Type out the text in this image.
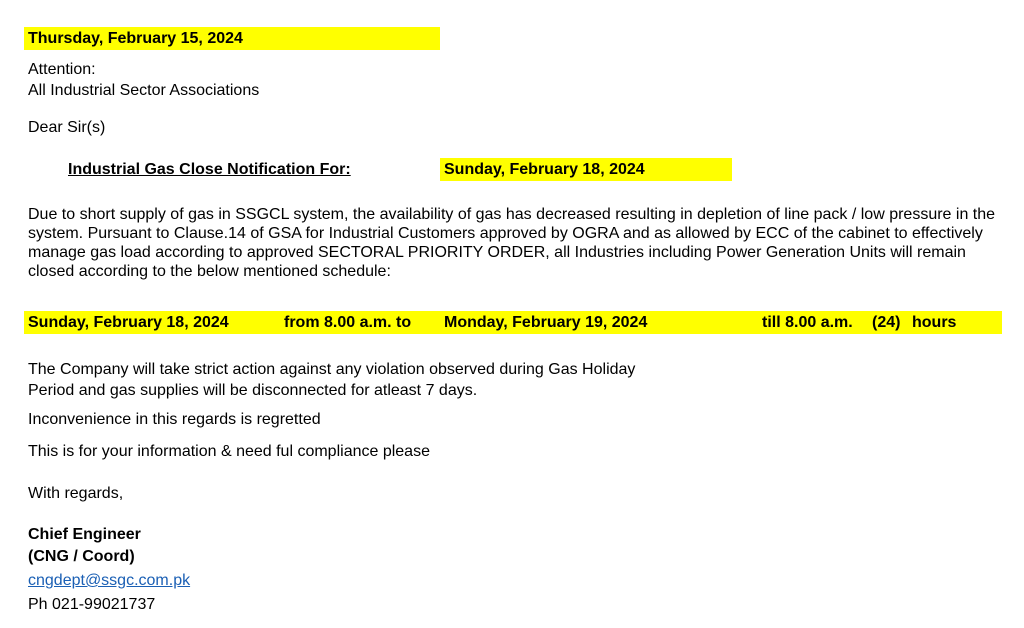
Thursday, February 15, 2024
Attention:
All Industrial Sector Associations
Dear Sir(s)
Industrial Gas Close Notification For:	Sunday, February 18, 2024
Due to short supply of gas in SSGCL system, the availability of gas has decreased resulting in depletion of line pack / low pressure in the system. Pursuant to Clause.14 of GSA for Industrial Customers approved by OGRA and as allowed by ECC of the cabinet to effectively manage gas load according to approved SECTORAL PRIORITY ORDER, all Industries including Power Generation Units will remain closed according to the below mentioned schedule:
Sunday, February 18, 2024	from 8.00 a.m. to Monday, February 19, 2024	till 8.00 a.m. (24) hours
The Company will take strict action against any violation observed during Gas Holiday
Period and gas supplies will be disconnected for atleast 7 days.
Inconvenience in this regards is regretted
This is for your information & need ful compliance please
With regards,
Chief Engineer
(CNG / Coord)
cngdept@ssgc.com.pk
Ph 021-99021737
